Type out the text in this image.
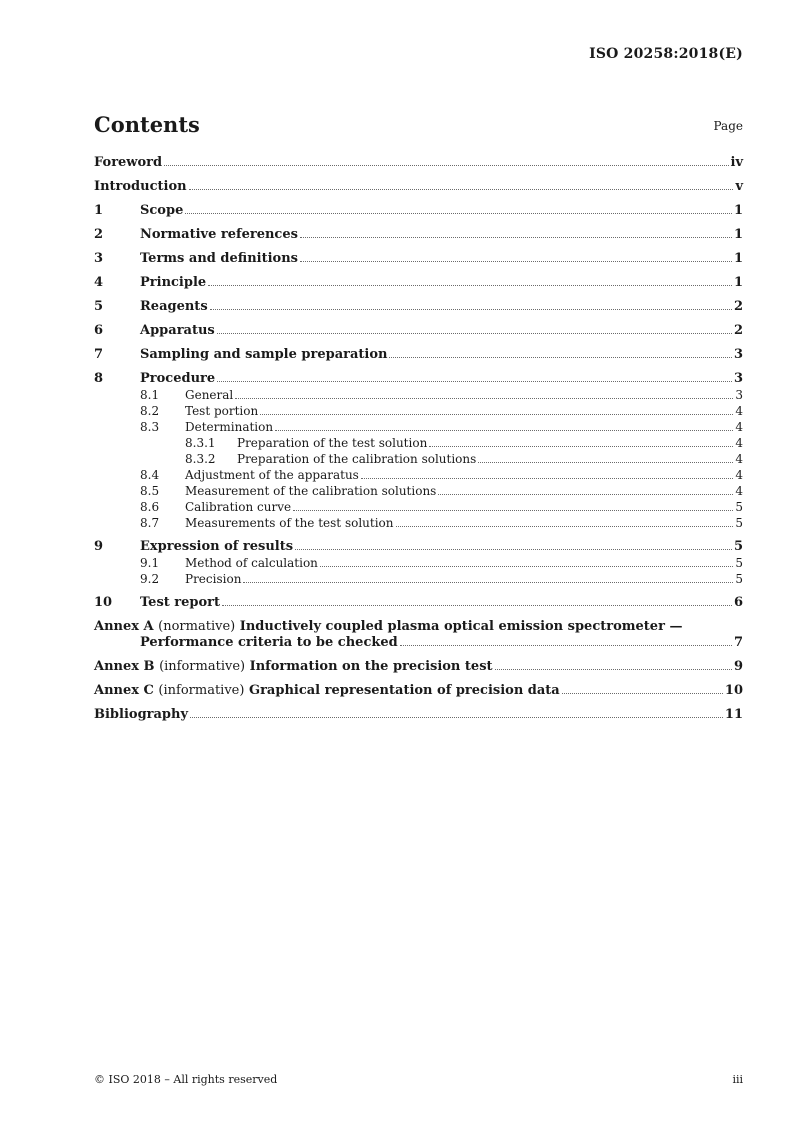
ISO 20258:2018(E)
Contents	Page
Foreword	iv
Introduction	v
1	Scope	1
2	Normative references	1
3	Terms and definitions	1
4	Principle	1
5	Reagents	2
6	Apparatus	2
7	Sampling and sample preparation	3
8	Procedure	3
8.1	General	3
8.2	Test portion	4
8.3	Determination	4
8.3.1	Preparation of the test solution	4
8.3.2	Preparation of the calibration solutions	4
8.4	Adjustment of the apparatus	4
8.5	Measurement of the calibration solutions	4
8.6	Calibration curve	5
8.7	Measurements of the test solution	5
9	Expression of results	5
9.1	Method of calculation	5
9.2	Precision	5
10	Test report	6
Annex A (normative) Inductively coupled plasma optical emission spectrometer —
Performance criteria to be checked	7
Annex B (informative) Information on the precision test	9
Annex C (informative) Graphical representation of precision data	10
Bibliography	11
© ISO 2018 – All rights reserved	iii
